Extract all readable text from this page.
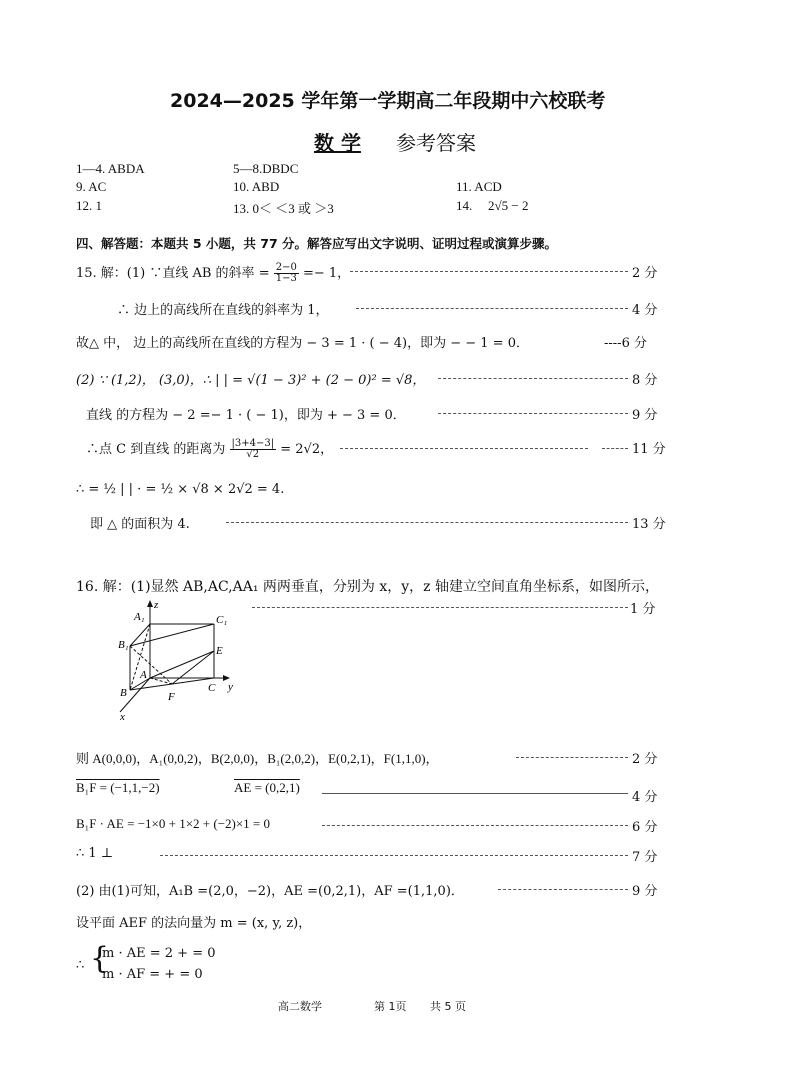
2024—2025 学年第一学期高二年段期中六校联考
数 学 参考答案
1—4. ABDA	5—8.DBDC
9. AC	10. ABD	11. ACD
12. 1	13. 0＜ ＜3 或 ＞3	14. 2√5 − 2
四、解答题：本题共 5 小题，共 77 分。解答应写出文字说明、证明过程或演算步骤。
15. 解：(1) ∵直线 AB 的斜率 = $\frac{2-0}{1-3} =- 1$，	2 分
∴ 边上的高线所在直线的斜率为 1，	4 分
故△ 中， 边上的高线所在直线的方程为 − 3 = 1 · ( − 4)，即为 − − 1 = 0．	----6 分
(2) ∵ (1,2)， (3,0)，∴ | | = √(1 − 3)² + (2 − 0)² = √8，	8 分
直线 的方程为 − 2 =− 1 · ( − 1)，即为 + − 3 = 0．	9 分
∴点 C 到直线 的距离为 $\frac{|3+4-3|}{√2} = 2√2$，	11 分
∴ = ½ | | · = ½ × √8 × 2√2 = 4.
即 △ 的面积为 4.	13 分
16. 解：(1)显然 AB,AC,AA₁ 两两垂直，分别为 x，y，z 轴建立空间直角坐标系，如图所示，
1 分
z
A₁	C₁
B₁	E
A
C y
B	F
x
则 A(0,0,0)，A₁(0,0,2)，B(2,0,0)，B₁(2,0,2)，E(0,2,1)，F(1,1,0)，	2 分
B₁F = (−1,1,−2)	AE = (0,2,1)
4 分
B₁F · AE = −1×0 + 1×2 + (−2)×1 = 0	6 分
∴ 1 ⊥	7 分
(2) 由(1)可知，A₁B =(2,0，−2)，AE =(0,2,1)，AF =(1,1,0)．	9 分
设平面 AEF 的法向量为 m = (x, y, z)，
∴ {
m · AE = 2 + = 0
m · AF = + = 0
高二数学	第 1页 共 5 页
